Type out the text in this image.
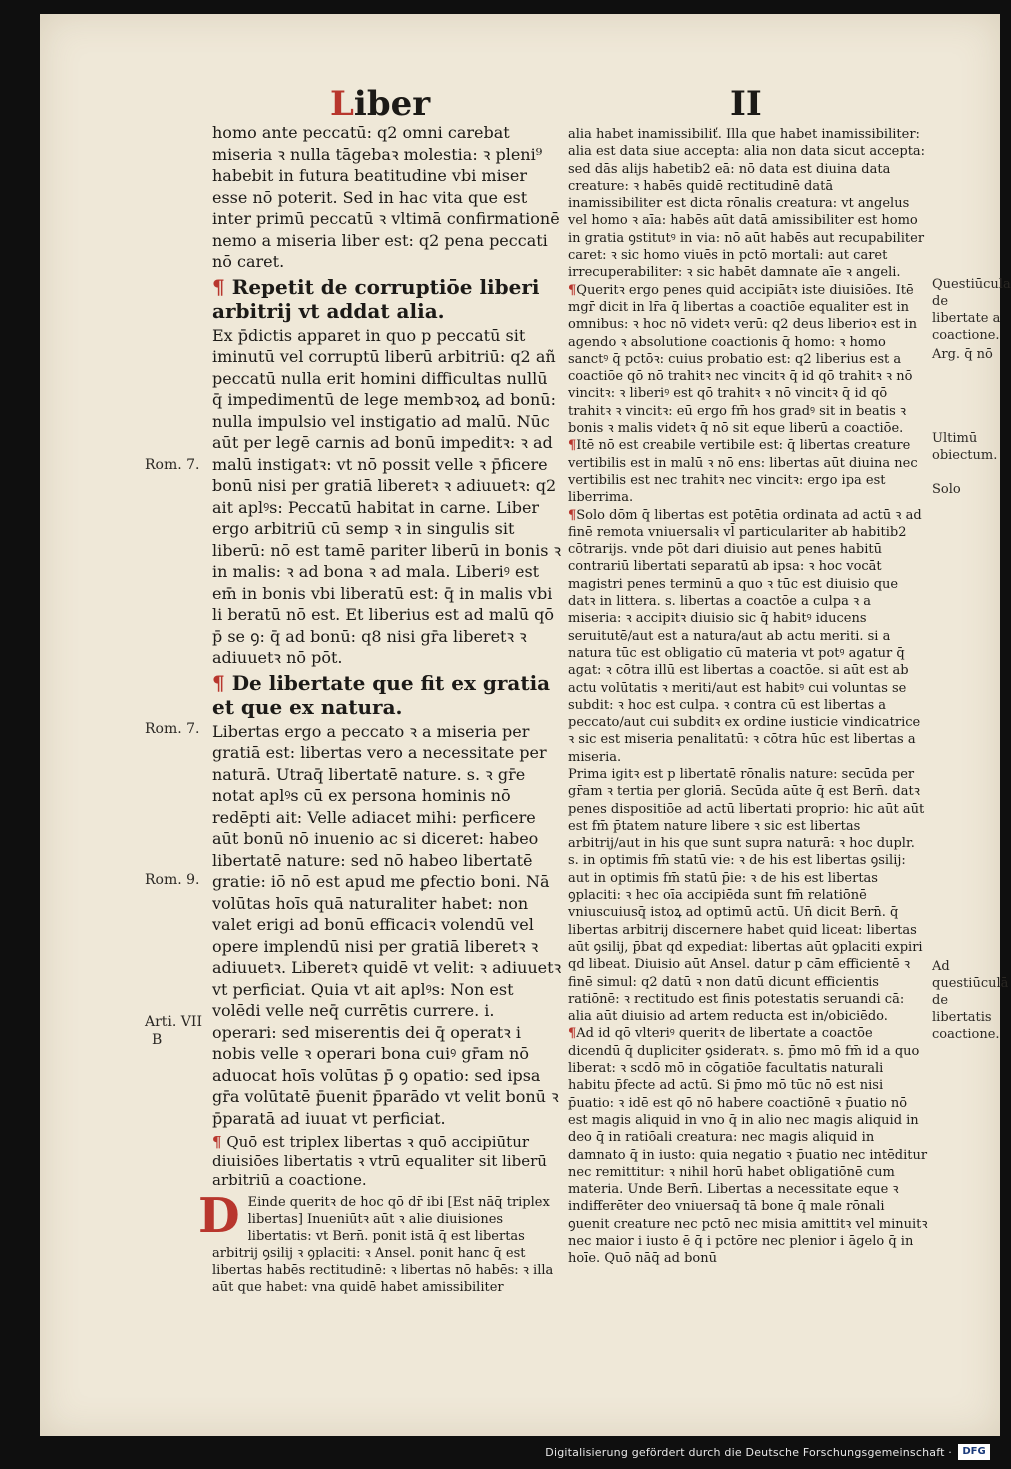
Liber	II

homo ante peccatū: q2 omni carebat miseria ꝛ nulla tāgebaꝛ molestia: ꝛ pleni⁹ habebit in futura beatitudine vbi miser esse nō poterit. Sed in hac vita que est inter primū peccatū ꝛ vltimā confirmationē nemo a miseria liber est: q2 pena peccati nō caret.

¶ Repetit de corruptiōe liberi arbitrij vt addat alia.

Ex p̄dictis apparet in quo p peccatū sit iminutū vel corruptū liberū arbitriū: q2 añ peccatū nulla erit homini difficultas nullū q̄ impedimentū de lege membꝛoꝝ ad bonū: nulla impulsio vel instigatio ad malū. Nūc aūt per legē carnis ad bonū impeditꝛ: ꝛ ad malū instigatꝛ: vt nō possit velle ꝛ p̄ficere bonū nisi per gratiā liberetꝛ ꝛ adiuuetꝛ: q2 ait aplꝰs: Peccatū habitat in carne. Liber ergo arbitriū cū semp ꝛ in singulis sit liberū: nō est tamē pariter liberū in bonis ꝛ in malis: ꝛ ad bona ꝛ ad mala. Liberiꝰ est em̄ in bonis vbi liberatū est: q̄ in malis vbi li beratū nō est. Et liberius est ad malū qō p̄ se ꝯ: q̄ ad bonū: q8 nisi gr̄a liberetꝛ ꝛ adiuuetꝛ nō pōt.

¶ De libertate que fit ex gratia et que ex natura.

Libertas ergo a peccato ꝛ a miseria per gratiā est: libertas vero a necessitate per naturā. Utraq̄ libertatē nature. s. ꝛ gr̄e notat aplꝰs cū ex persona hominis nō redēpti ait: Velle adiacet mihi: perficere aūt bonū nō inuenio ac si diceret: habeo libertatē nature: sed nō habeo libertatē gratie: iō nō est apud me ꝑfectio boni. Nā volūtas hoīs quā naturaliter habet: non valet erigi ad bonū efficaciꝛ volendū vel opere implendū nisi per gratiā liberetꝛ ꝛ adiuuetꝛ. Liberetꝛ quidē vt velit: ꝛ adiuuetꝛ vt perficiat. Quia vt ait aplꝰs: Non est volēdi velle neq̄ currētis currere. i. operari: sed miserentis dei q̄ operatꝛ i nobis velle ꝛ operari bona cuiꝰ gr̄am nō aduocat hoīs volūtas p̄ ꝯ opatio: sed ipsa gr̄a volūtatē p̄uenit p̄parādo vt velit bonū ꝛ p̄paratā ad iuuat vt perficiat.

¶ Quō est triplex libertas ꝛ quō accipiūtur diuisiōes libertatis ꝛ vtrū equaliter sit liberū arbitriū a coactione.

D Einde queritꝛ de hoc qō dr̄ ibi [Est nāq̄ triplex libertas] Inueniūtꝛ aūt ꝛ alie diuisiones libertatis: vt Bern̄. ponit istā q̄ est libertas arbitrij ꝯsilij ꝛ ꝯplaciti: ꝛ Ansel. ponit hanc q̄ est libertas habēs rectitudinē: ꝛ libertas nō habēs: ꝛ illa aūt que habet: vna quidē habet amissibiliter

alia habet inamissibiliť. Illa que habet inamissibiliter: alia est data siue accepta: alia non data sicut accepta: sed dās alijs habetib2 eā: nō data est diuina data creature: ꝛ habēs quidē rectitudinē datā inamissibiliter est dicta rōnalis creatura: vt angelus vel homo ꝛ aīa: habēs aūt datā amissibiliter est homo in gratia ꝯstitutꝰ in via: nō aūt habēs aut recupabiliter caret: ꝛ sic homo viuēs in pctō mortali: aut caret irrecuperabiliter: ꝛ sic habēt damnate aīe ꝛ angeli.

¶Queritꝛ ergo penes quid accipiātꝛ iste diuisiōes. Itē mgr̄ dicit in lr̄a q̄ libertas a coactiōe equaliter est in omnibus: ꝛ hoc nō videtꝛ verū: q2 deus liberioꝛ est in agendo ꝛ absolutione coactionis q̄ homo: ꝛ homo sanctꝰ q̄ pctōꝛ: cuius probatio est: q2 liberius est a coactiōe qō nō trahitꝛ nec vincitꝛ q̄ id qō trahitꝛ ꝛ nō vincitꝛ: ꝛ liberiꝰ est qō trahitꝛ ꝛ nō vincitꝛ q̄ id qō trahitꝛ ꝛ vincitꝛ: eū ergo fm̄ hos gradꝰ sit in beatis ꝛ bonis ꝛ malis videtꝛ q̄ nō sit eque liberū a coactiōe.

¶Itē nō est creabile vertibile est: q̄ libertas creature vertibilis est in malū ꝛ nō ens: libertas aūt diuina nec vertibilis est nec trahitꝛ nec vincitꝛ: ergo ipa est liberrima.

¶Solo dōm q̄ libertas est potētia ordinata ad actū ꝛ ad finē remota vniuersaliꝛ vl̄ particulariter ab habitib2 cōtrarijs. vnde pōt dari diuisio aut penes habitū contrariū libertati separatū ab ipsa: ꝛ hoc vocāt magistri penes terminū a quo ꝛ tūc est diuisio que datꝛ in littera. s. libertas a coactōe a culpa ꝛ a miseria: ꝛ accipitꝛ diuisio sic q̄ habitꝰ iducens seruitutē/aut est a natura/aut ab actu meriti. si a natura tūc est obligatio cū materia vt potꝰ agatur q̄ agat: ꝛ cōtra illū est libertas a coactōe. si aūt est ab actu volūtatis ꝛ meriti/aut est habitꝰ cui voluntas se subdit: ꝛ hoc est culpa. ꝛ contra cū est libertas a peccato/aut cui subditꝛ ex ordine iusticie vindicatrice ꝛ sic est miseria penalitatū: ꝛ cōtra hūc est libertas a miseria.

Prima igitꝛ est p libertatē rōnalis nature: secūda per gr̄am ꝛ tertia per gloriā. Secūda aūte q̄ est Bern̄. datꝛ penes dispositiōe ad actū libertati proprio: hic aūt aūt est fm̄ p̄tatem nature libere ꝛ sic est libertas arbitrij/aut in his que sunt supra naturā: ꝛ hoc duplr. s. in optimis fm̄ statū vie: ꝛ de his est libertas ꝯsilij: aut in optimis fm̄ statū p̄ie: ꝛ de his est libertas ꝯplaciti: ꝛ hec oīa accipiēda sunt fm̄ relatiōnē vniuscuiusq̄ istoꝝ ad optimū actū. Un̄ dicit Bern̄. q̄ libertas arbitrij discernere habet quid liceat: libertas aūt ꝯsilij, p̄bat qd expediat: libertas aūt ꝯplaciti expiri qd libeat. Diuisio aūt Ansel. datur p cām efficientē ꝛ finē simul: q2 datū ꝛ non datū dicunt efficientis ratiōnē: ꝛ rectitudo est finis potestatis seruandi cā: alia aūt diuisio ad artem reducta est in/obiciēdo.

¶Ad id qō vlteriꝰ queritꝛ de libertate a coactōe dicendū q̄ dupliciter ꝯsideratꝛ. s. p̄mo mō fm̄ id a quo liberat: ꝛ scdō mō in cōgatiōe facultatis naturali habitu p̄fecte ad actū. Si p̄mo mō tūc nō est nisi p̄uatio: ꝛ idē est qō nō habere coactiōnē ꝛ p̄uatio nō est magis aliquid in vno q̄ in alio nec magis aliquid in deo q̄ in ratiōali creatura: nec magis aliquid in damnato q̄ in iusto: quia negatio ꝛ p̄uatio nec intēditur nec remittitur: ꝛ nihil horū habet obligatiōnē cum materia. Unde Bern̄. Libertas a necessitate eque ꝛ indifferēter deo vniuersaq̄ tā bone q̄ male rōnali ꝯuenit creature nec pctō nec misia amittitꝛ vel minuitꝛ nec maior i iusto ē q̄ i pctōre nec plenior i āgelo q̄ in hoīe. Quō nāq̄ ad bonū

Rom. 7.
Rom. 7.
Rom. 9.
Arti. VII
B
Questiūcula de libertate a coactione.
Arg. q̄ nō
Ultimū obiectum.
Solo
Ad questiūculā de libertatis coactione.
Digitalisierung gefördert durch die Deutsche Forschungsgemeinschaft ·	DFG
